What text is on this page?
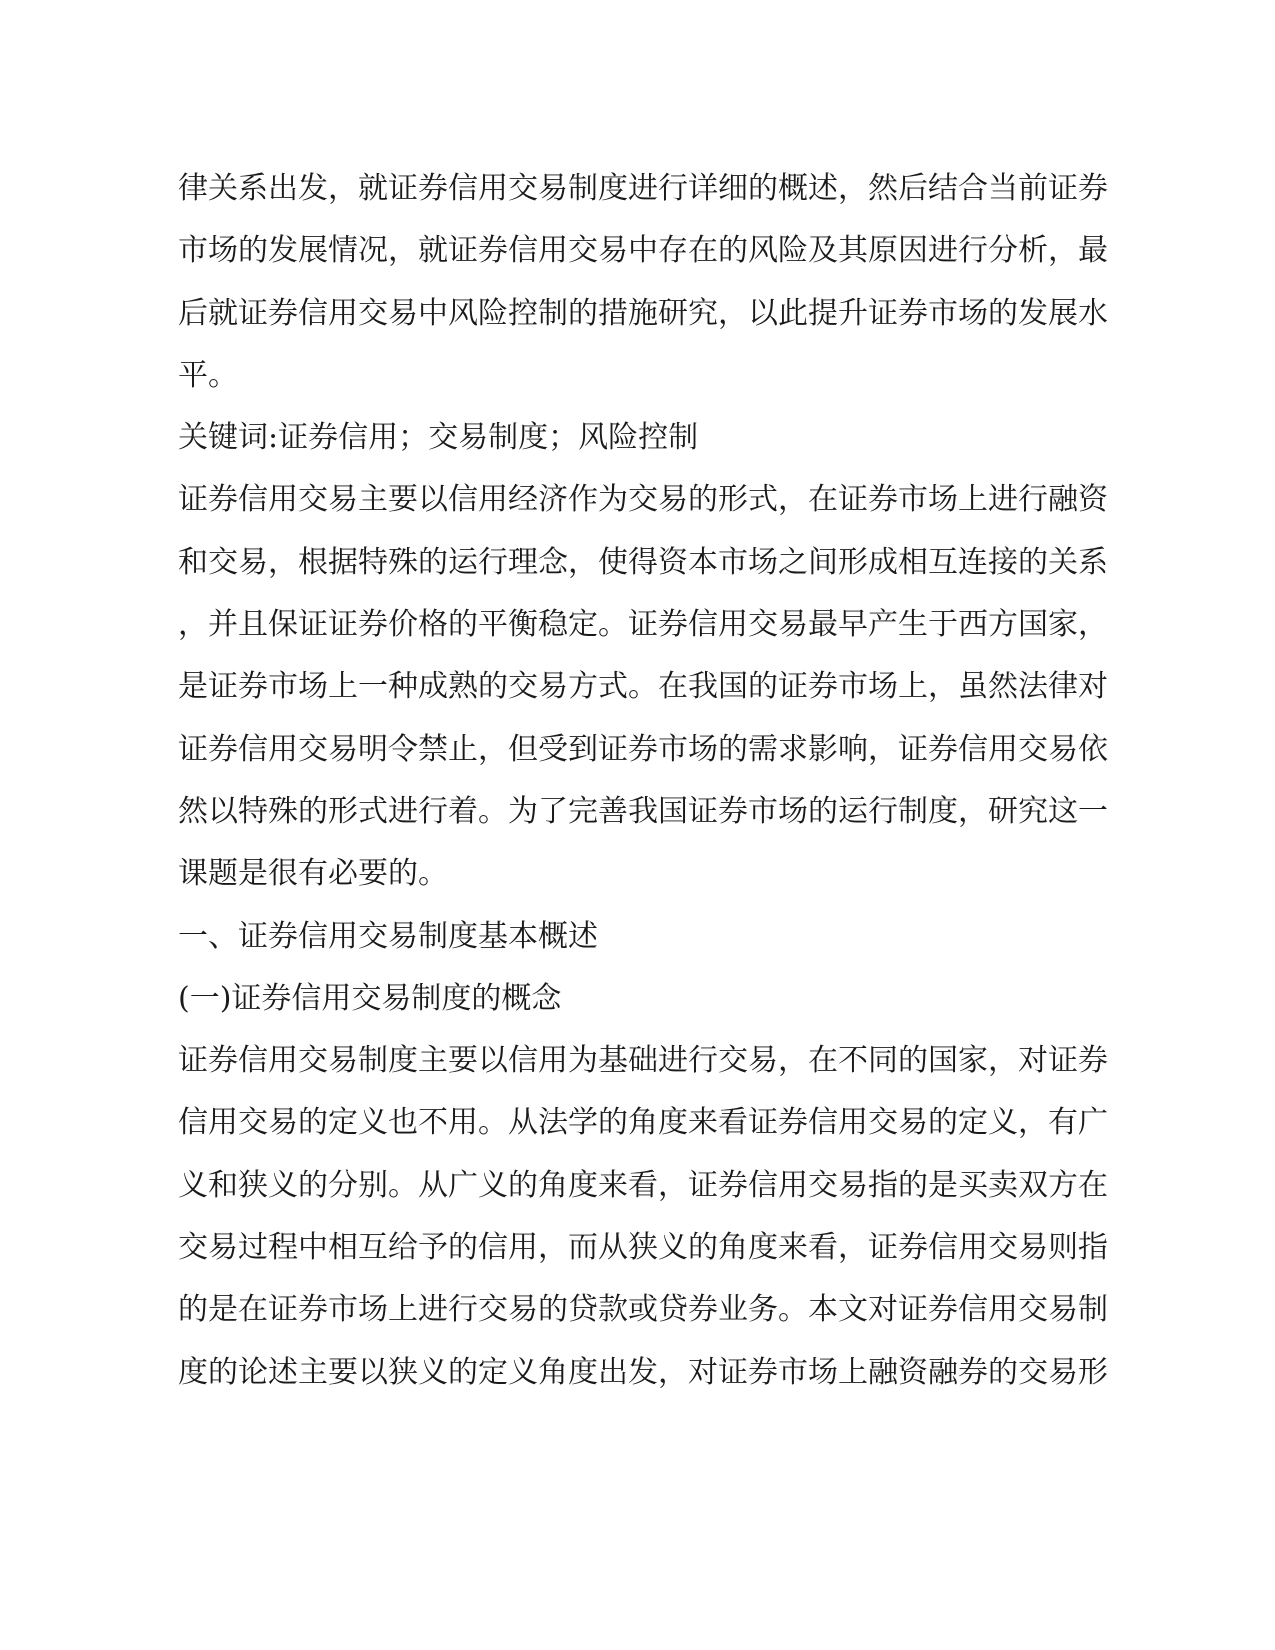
律关系出发，就证券信用交易制度进行详细的概述，然后结合当前证券
市场的发展情况，就证券信用交易中存在的风险及其原因进行分析，最
后就证券信用交易中风险控制的措施研究，以此提升证券市场的发展水
平。
关键词:证券信用；交易制度；风险控制
证券信用交易主要以信用经济作为交易的形式，在证券市场上进行融资
和交易，根据特殊的运行理念，使得资本市场之间形成相互连接的关系
，并且保证证券价格的平衡稳定。证券信用交易最早产生于西方国家，
是证券市场上一种成熟的交易方式。在我国的证券市场上，虽然法律对
证券信用交易明令禁止，但受到证券市场的需求影响，证券信用交易依
然以特殊的形式进行着。为了完善我国证券市场的运行制度，研究这一
课题是很有必要的。
一、证券信用交易制度基本概述
(一)证券信用交易制度的概念
证券信用交易制度主要以信用为基础进行交易，在不同的国家，对证券
信用交易的定义也不用。从法学的角度来看证券信用交易的定义，有广
义和狭义的分别。从广义的角度来看，证券信用交易指的是买卖双方在
交易过程中相互给予的信用，而从狭义的角度来看，证券信用交易则指
的是在证券市场上进行交易的贷款或贷券业务。本文对证券信用交易制
度的论述主要以狭义的定义角度出发，对证券市场上融资融券的交易形
